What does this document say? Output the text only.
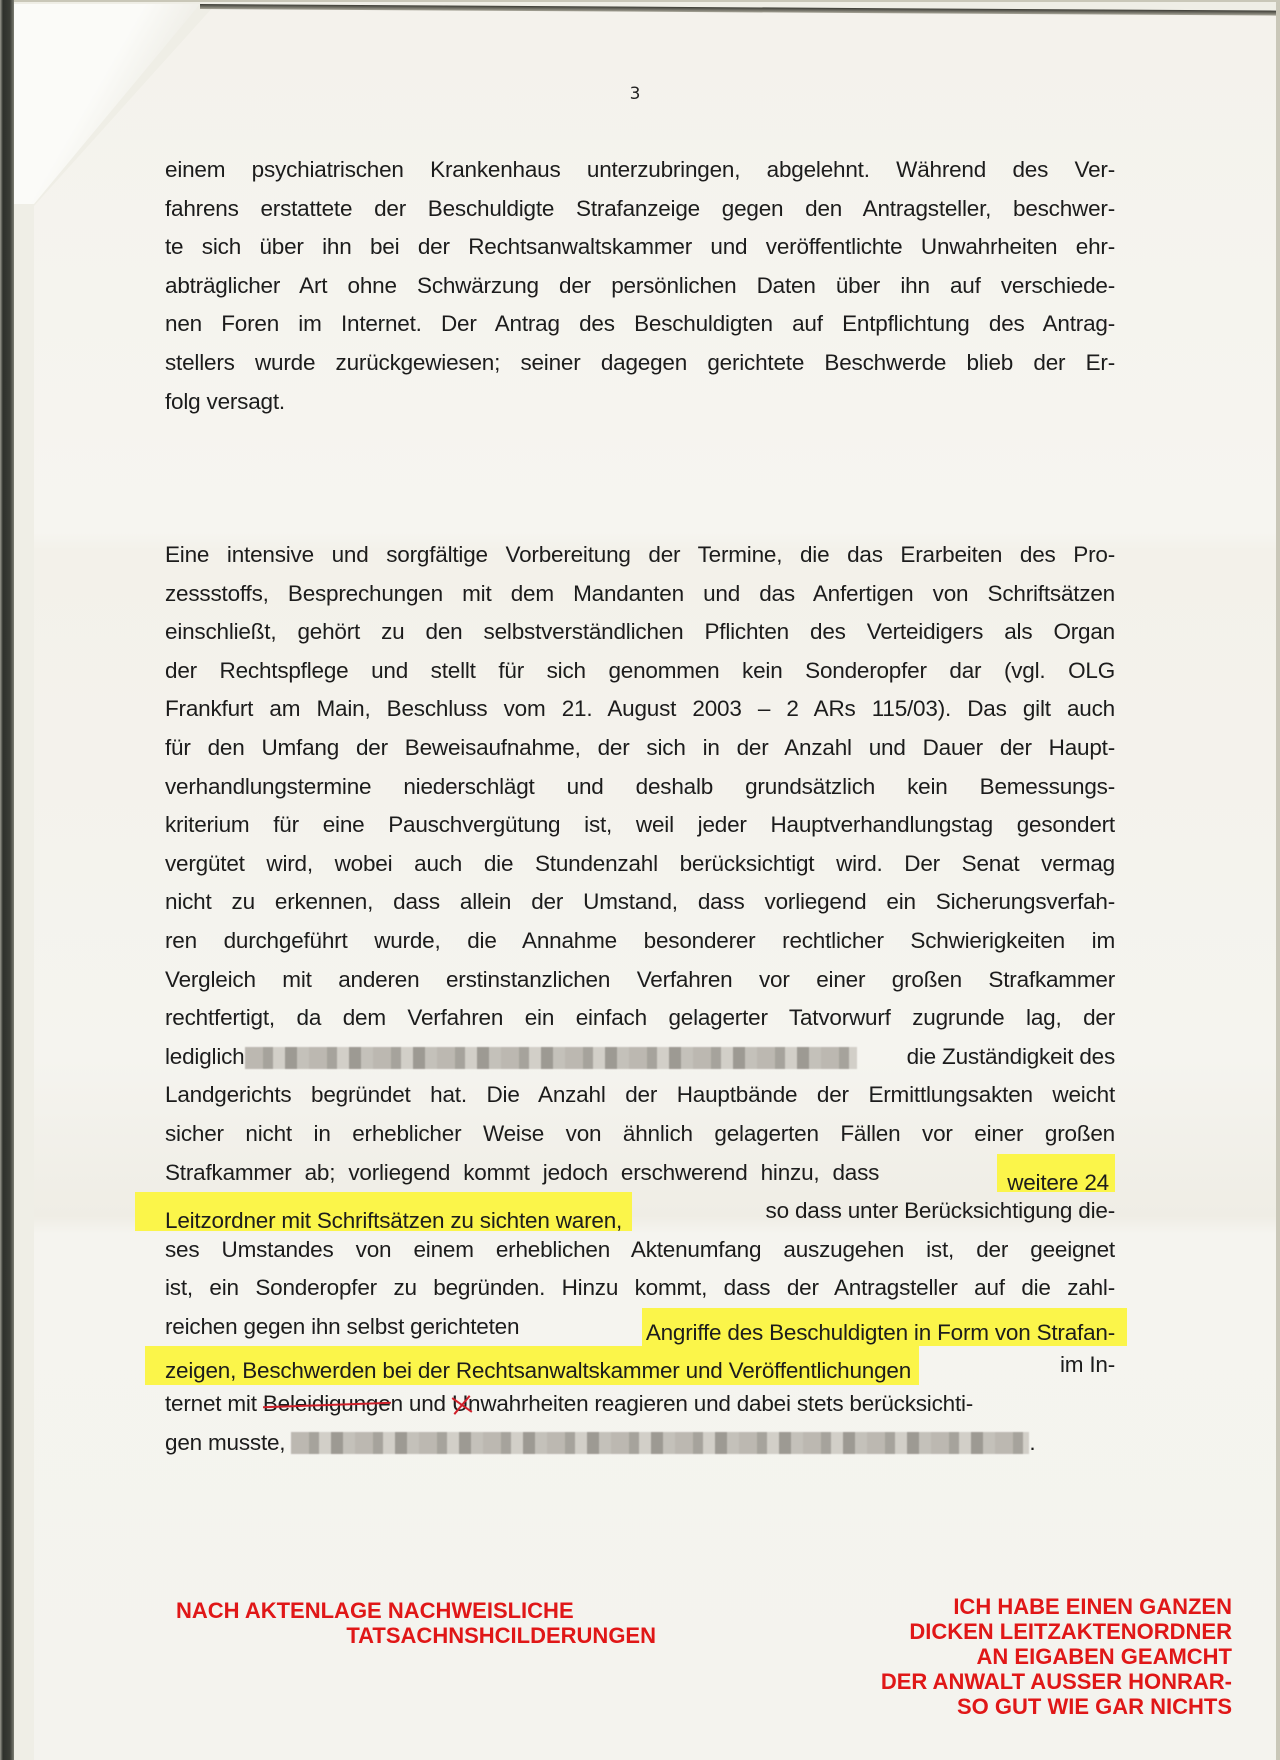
3
einem psychiatrischen Krankenhaus unterzubringen, abgelehnt. Während des Ver-
fahrens erstattete der Beschuldigte Strafanzeige gegen den Antragsteller, beschwer-
te sich über ihn bei der Rechtsanwaltskammer und veröffentlichte Unwahrheiten ehr-
abträglicher Art ohne Schwärzung der persönlichen Daten über ihn auf verschiede-
nen Foren im Internet. Der Antrag des Beschuldigten auf Entpflichtung des Antrag-
stellers wurde zurückgewiesen; seiner dagegen gerichtete Beschwerde blieb der Er-
folg versagt.
Eine intensive und sorgfältige Vorbereitung der Termine, die das Erarbeiten des Pro-
zessstoffs, Besprechungen mit dem Mandanten und das Anfertigen von Schriftsätzen
einschließt, gehört zu den selbstverständlichen Pflichten des Verteidigers als Organ
der Rechtspflege und stellt für sich genommen kein Sonderopfer dar (vgl. OLG
Frankfurt am Main, Beschluss vom 21. August 2003 – 2 ARs 115/03). Das gilt auch
für den Umfang der Beweisaufnahme, der sich in der Anzahl und Dauer der Haupt-
verhandlungstermine niederschlägt und deshalb grundsätzlich kein Bemessungs-
kriterium für eine Pauschvergütung ist, weil jeder Hauptverhandlungstag gesondert
vergütet wird, wobei auch die Stundenzahl berücksichtigt wird. Der Senat vermag
nicht zu erkennen, dass allein der Umstand, dass vorliegend ein Sicherungsverfah-
ren durchgeführt wurde, die Annahme besonderer rechtlicher Schwierigkeiten im
Vergleich mit anderen erstinstanzlichen Verfahren vor einer großen Strafkammer
rechtfertigt, da dem Verfahren ein einfach gelagerter Tatvorwurf zugrunde lag, der
lediglich	die Zuständigkeit des
Landgerichts begründet hat. Die Anzahl der Hauptbände der Ermittlungsakten weicht
sicher nicht in erheblicher Weise von ähnlich gelagerten Fällen vor einer großen
Strafkammer ab; vorliegend kommt jedoch erschwerend hinzu, dass	weitere 24
Leitzordner mit Schriftsätzen zu sichten waren,	so dass unter Berücksichtigung die-
ses Umstandes von einem erheblichen Aktenumfang auszugehen ist, der geeignet
ist, ein Sonderopfer zu begründen. Hinzu kommt, dass der Antragsteller auf die zahl-
reichen gegen ihn selbst gerichteten	Angriffe des Beschuldigten in Form von Strafan-
zeigen, Beschwerden bei der Rechtsanwaltskammer und Veröffentlichungen	im In-
ternet mit Beleidigungen und Unwahrheiten reagieren und dabei stets berücksichti-
gen musste,	.
NACH AKTENLAGE NACHWEISLICHE
TATSACHNSHCILDERUNGEN
ICH HABE EINEN GANZEN
DICKEN LEITZAKTENORDNER
AN EIGABEN GEAMCHT
DER ANWALT AUSSER HONRAR-
SO GUT WIE GAR NICHTS
